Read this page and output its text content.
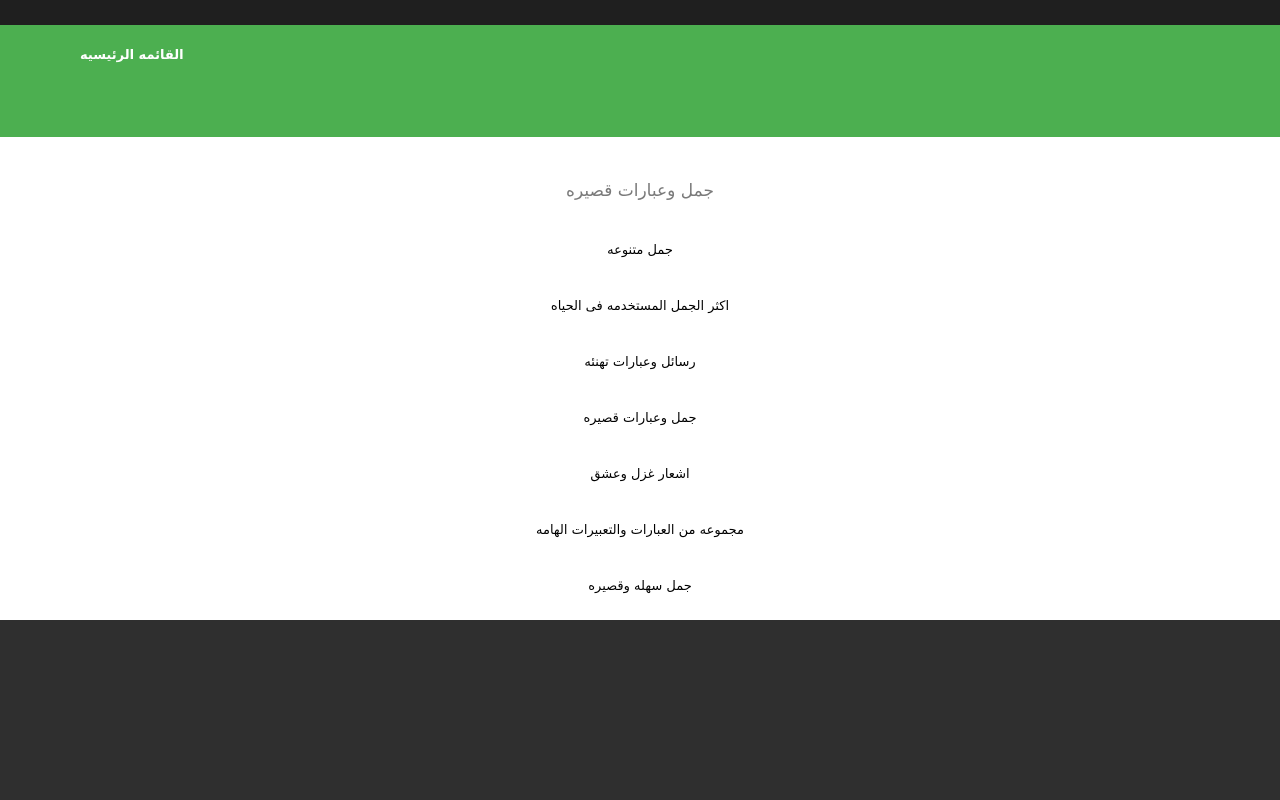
القائمه الرئيسيه
جمل وعبارات قصيره
جمل متنوعه
اكثر الجمل المستخدمه فى الحياه
رسائل وعبارات تهنئه
جمل وعبارات قصيره
اشعار غزل وعشق
مجموعه من العبارات والتعبيرات الهامه
جمل سهله وقصيره
